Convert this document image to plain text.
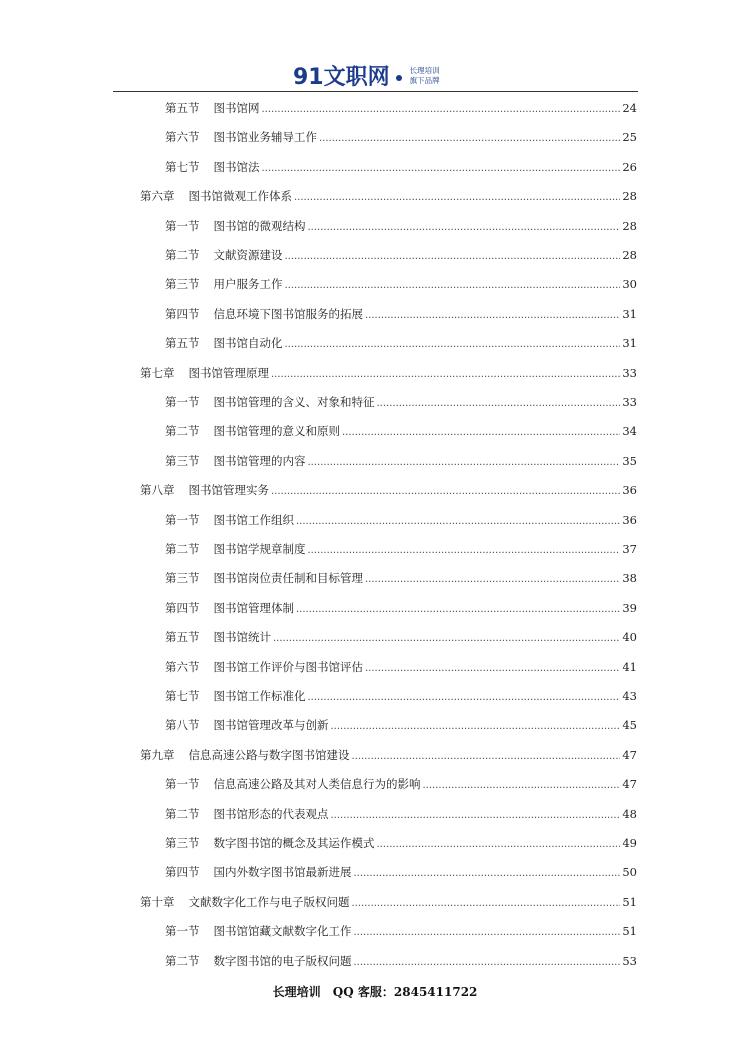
91文职网	长理培训
旗下品牌
第五节 图书馆网 .....	24
第六节 图书馆业务辅导工作 .....	25
第七节 图书馆法 .....	26
第六章 图书馆微观工作体系 .....	28
第一节 图书馆的微观结构 .....	28
第二节 文献资源建设 .....	28
第三节 用户服务工作 .....	30
第四节 信息环境下图书馆服务的拓展 .....	31
第五节 图书馆自动化 .....	31
第七章 图书馆管理原理 .....	33
第一节 图书馆管理的含义、对象和特征 .....	33
第二节 图书馆管理的意义和原则 .....	34
第三节 图书馆管理的内容 .....	35
第八章 图书馆管理实务 .....	36
第一节 图书馆工作组织 .....	36
第二节 图书馆学规章制度 .....	37
第三节 图书馆岗位责任制和目标管理 .....	38
第四节 图书馆管理体制 .....	39
第五节 图书馆统计 .....	40
第六节 图书馆工作评价与图书馆评估 .....	41
第七节 图书馆工作标准化 .....	43
第八节 图书馆管理改革与创新 .....	45
第九章 信息高速公路与数字图书馆建设 .....	47
第一节 信息高速公路及其对人类信息行为的影响 .....	47
第二节 图书馆形态的代表观点 .....	48
第三节 数字图书馆的概念及其运作模式 .....	49
第四节 国内外数字图书馆最新进展 .....	50
第十章 文献数字化工作与电子版权问题 .....	51
第一节 图书馆馆藏文献数字化工作 .....	51
第二节 数字图书馆的电子版权问题 .....	53
长理培训 QQ 客服：2845411722
